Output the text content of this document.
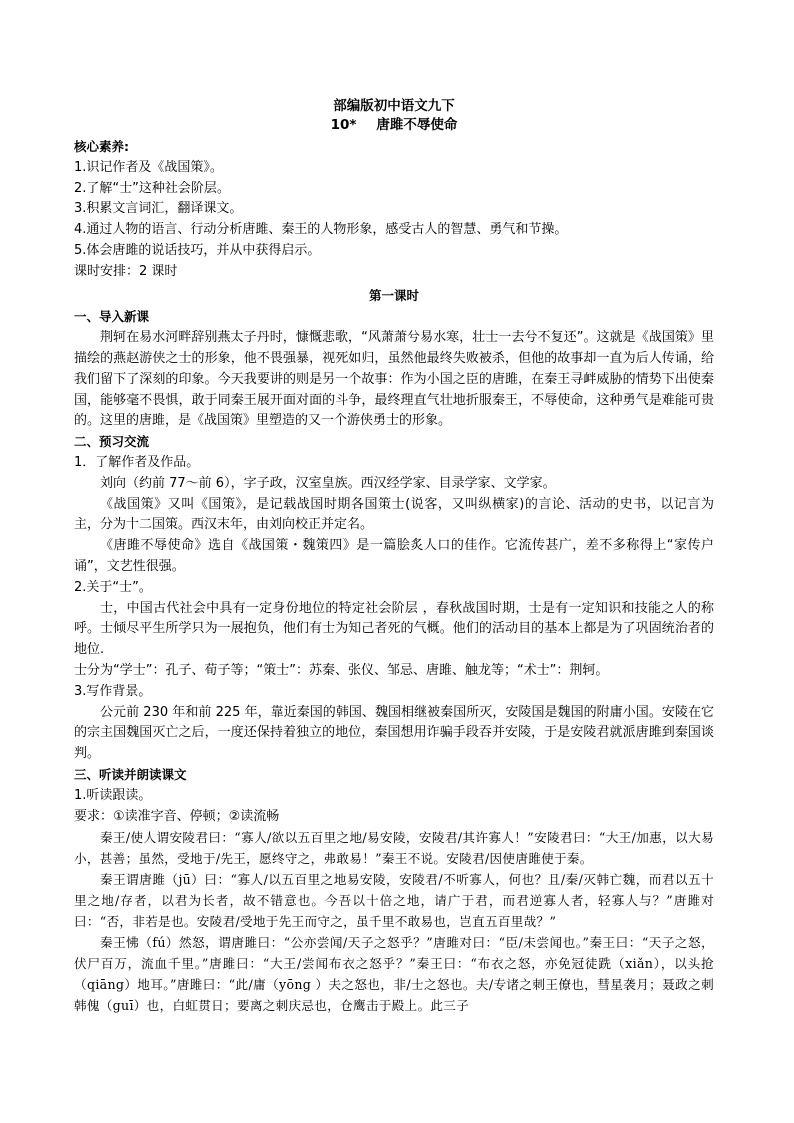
部编版初中语文九下
10* 唐雎不辱使命
核心素养:

1.识记作者及《战国策》。

2.了解“士”这种社会阶层。

3.积累文言词汇，翻译课文。

4.通过人物的语言、行动分析唐雎、秦王的人物形象，感受古人的智慧、勇气和节操。

5.体会唐雎的说话技巧，并从中获得启示。

课时安排：2 课时

第一课时
一、导入新课

荆轲在易水河畔辞别燕太子丹时，慷慨悲歌，“风萧萧兮易水寒，壮士一去兮不复还”。这就是《战国策》里描绘的燕赵游侠之士的形象，他不畏强暴，视死如归，虽然他最终失败被杀，但他的故事却一直为后人传诵，给我们留下了深刻的印象。今天我要讲的则是另一个故事：作为小国之臣的唐雎，在秦王寻衅威胁的情势下出使秦国，能够毫不畏惧，敢于同秦王展开面对面的斗争，最终理直气壮地折服秦王，不辱使命，这种勇气是难能可贵的。这里的唐雎，是《战国策》里塑造的又一个游侠勇士的形象。

二、预习交流

1．了解作者及作品。

刘向（约前 77～前 6），字子政，汉室皇族。西汉经学家、目录学家、文学家。

《战国策》又叫《国策》，是记载战国时期各国策士(说客，又叫纵横家)的言论、活动的史书，以记言为主，分为十二国策。西汉末年，由刘向校正并定名。

《唐雎不辱使命》选自《战国策・魏策四》是一篇脍炙人口的佳作。它流传甚广，差不多称得上“家传户诵”，文艺性很强。

2.关于“士”。

士，中国古代社会中具有一定身份地位的特定社会阶层 ，春秋战国时期，士是有一定知识和技能之人的称呼。士倾尽平生所学只为一展抱负，他们有士为知己者死的气概。他们的活动目的基本上都是为了巩固统治者的地位.

士分为“学士”：孔子、荀子等；“策士”：苏秦、张仪、邹忌、唐雎、触龙等；“术士”：荆轲。

3.写作背景。

公元前 230 年和前 225 年，靠近秦国的韩国、魏国相继被秦国所灭，安陵国是魏国的附庸小国。安陵在它的宗主国魏国灭亡之后，一度还保持着独立的地位，秦国想用诈骗手段吞并安陵，于是安陵君就派唐雎到秦国谈判。

三、听读并朗读课文

1.听读跟读。

要求：①读准字音、停顿；②读流畅

秦王/使人谓安陵君曰：“寡人/欲以五百里之地/易安陵，安陵君/其许寡人！”安陵君曰：“大王/加惠，以大易小，甚善；虽然，受地于/先王，愿终守之，弗敢易！”秦王不说。安陵君/因使唐雎使于秦。

秦王谓唐雎（jū）曰：“寡人/以五百里之地易安陵，安陵君/不听寡人，何也？且/秦/灭韩亡魏，而君以五十里之地/存者，以君为长者，故不错意也。今吾以十倍之地，请广于君，而君逆寡人者，轻寡人与？”唐雎对曰：“否，非若是也。安陵君/受地于先王而守之，虽千里不敢易也，岂直五百里哉？”

秦王怫（fú）然怒，谓唐雎曰：“公亦尝闻/天子之怒乎？”唐雎对曰：“臣/未尝闻也。”秦王曰：“天子之怒，伏尸百万，流血千里。”唐雎曰：“大王/尝闻布衣之怒乎？”秦王曰：“布衣之怒，亦免冠徒跣（xiǎn），以头抢（qiāng）地耳。”唐雎曰：“此/庸（yōng ）夫之怒也，非/士之怒也。夫/专诸之刺王僚也，彗星袭月；聂政之刺韩傀（guī）也，白虹贯日；要离之刺庆忌也，仓鹰击于殿上。此三子
